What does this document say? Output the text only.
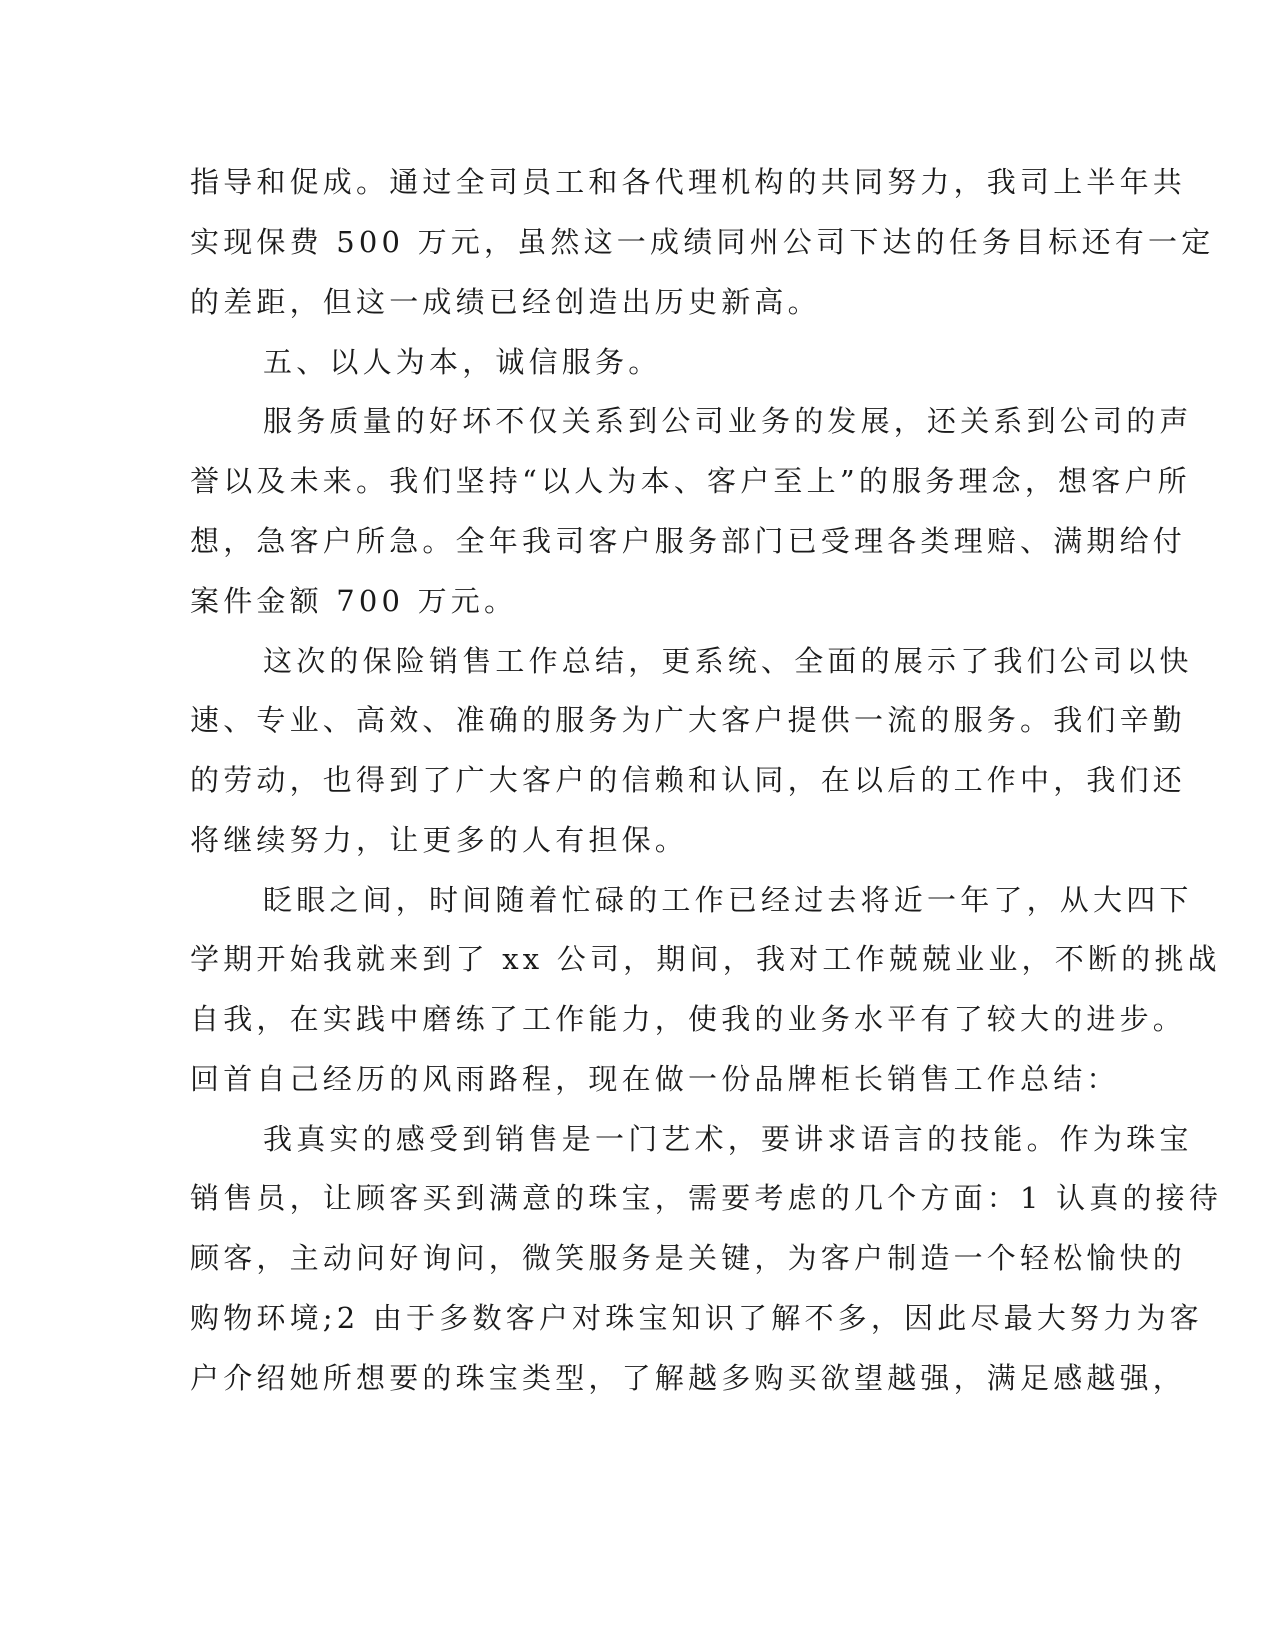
指导和促成。通过全司员工和各代理机构的共同努力，我司上半年共
实现保费 500 万元，虽然这一成绩同州公司下达的任务目标还有一定
的差距，但这一成绩已经创造出历史新高。
五、以人为本，诚信服务。
服务质量的好坏不仅关系到公司业务的发展，还关系到公司的声
誉以及未来。我们坚持“以人为本、客户至上”的服务理念，想客户所
想，急客户所急。全年我司客户服务部门已受理各类理赔、满期给付
案件金额 700 万元。
这次的保险销售工作总结，更系统、全面的展示了我们公司以快
速、专业、高效、准确的服务为广大客户提供一流的服务。我们辛勤
的劳动，也得到了广大客户的信赖和认同，在以后的工作中，我们还
将继续努力，让更多的人有担保。
眨眼之间，时间随着忙碌的工作已经过去将近一年了，从大四下
学期开始我就来到了 xx 公司，期间，我对工作兢兢业业，不断的挑战
自我，在实践中磨练了工作能力，使我的业务水平有了较大的进步。
回首自己经历的风雨路程，现在做一份品牌柜长销售工作总结：
我真实的感受到销售是一门艺术，要讲求语言的技能。作为珠宝
销售员，让顾客买到满意的珠宝，需要考虑的几个方面：1 认真的接待
顾客，主动问好询问，微笑服务是关键，为客户制造一个轻松愉快的
购物环境;2 由于多数客户对珠宝知识了解不多，因此尽最大努力为客
户介绍她所想要的珠宝类型，了解越多购买欲望越强，满足感越强，
